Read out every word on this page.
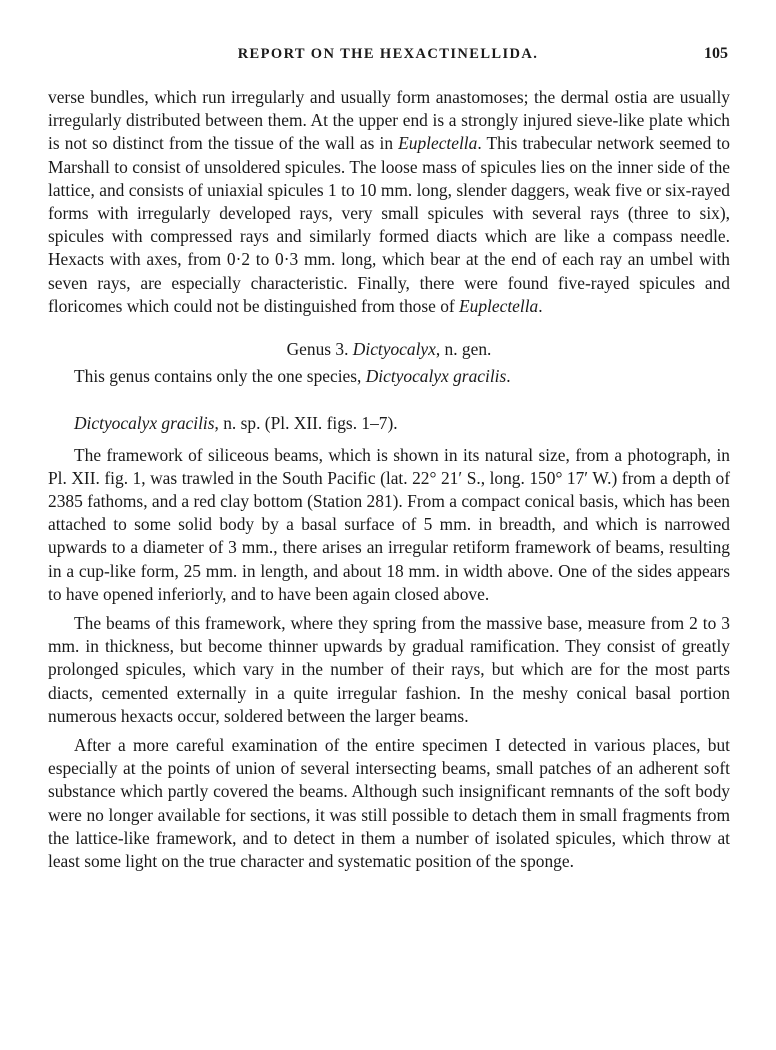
REPORT ON THE HEXACTINELLIDA.	105

verse bundles, which run irregularly and usually form anastomoses; the dermal ostia are usually irregularly distributed between them. At the upper end is a strongly injured sieve-like plate which is not so distinct from the tissue of the wall as in Euplectella. This trabecular network seemed to Marshall to consist of unsoldered spicules. The loose mass of spicules lies on the inner side of the lattice, and consists of uniaxial spicules 1 to 10 mm. long, slender daggers, weak five or six-rayed forms with irregularly developed rays, very small spicules with several rays (three to six), spicules with compressed rays and similarly formed diacts which are like a compass needle. Hexacts with axes, from 0·2 to 0·3 mm. long, which bear at the end of each ray an umbel with seven rays, are especially characteristic. Finally, there were found five-rayed spicules and floricomes which could not be distinguished from those of Euplectella.

Genus 3. Dictyocalyx, n. gen.

This genus contains only the one species, Dictyocalyx gracilis.

Dictyocalyx gracilis, n. sp. (Pl. XII. figs. 1–7).

The framework of siliceous beams, which is shown in its natural size, from a photograph, in Pl. XII. fig. 1, was trawled in the South Pacific (lat. 22° 21′ S., long. 150° 17′ W.) from a depth of 2385 fathoms, and a red clay bottom (Station 281). From a compact conical basis, which has been attached to some solid body by a basal surface of 5 mm. in breadth, and which is narrowed upwards to a diameter of 3 mm., there arises an irregular retiform framework of beams, resulting in a cup-like form, 25 mm. in length, and about 18 mm. in width above. One of the sides appears to have opened inferiorly, and to have been again closed above.

The beams of this framework, where they spring from the massive base, measure from 2 to 3 mm. in thickness, but become thinner upwards by gradual ramification. They consist of greatly prolonged spicules, which vary in the number of their rays, but which are for the most parts diacts, cemented externally in a quite irregular fashion. In the meshy conical basal portion numerous hexacts occur, soldered between the larger beams.

After a more careful examination of the entire specimen I detected in various places, but especially at the points of union of several intersecting beams, small patches of an adherent soft substance which partly covered the beams. Although such insignificant remnants of the soft body were no longer available for sections, it was still possible to detach them in small fragments from the lattice-like framework, and to detect in them a number of isolated spicules, which throw at least some light on the true character and systematic position of the sponge.
